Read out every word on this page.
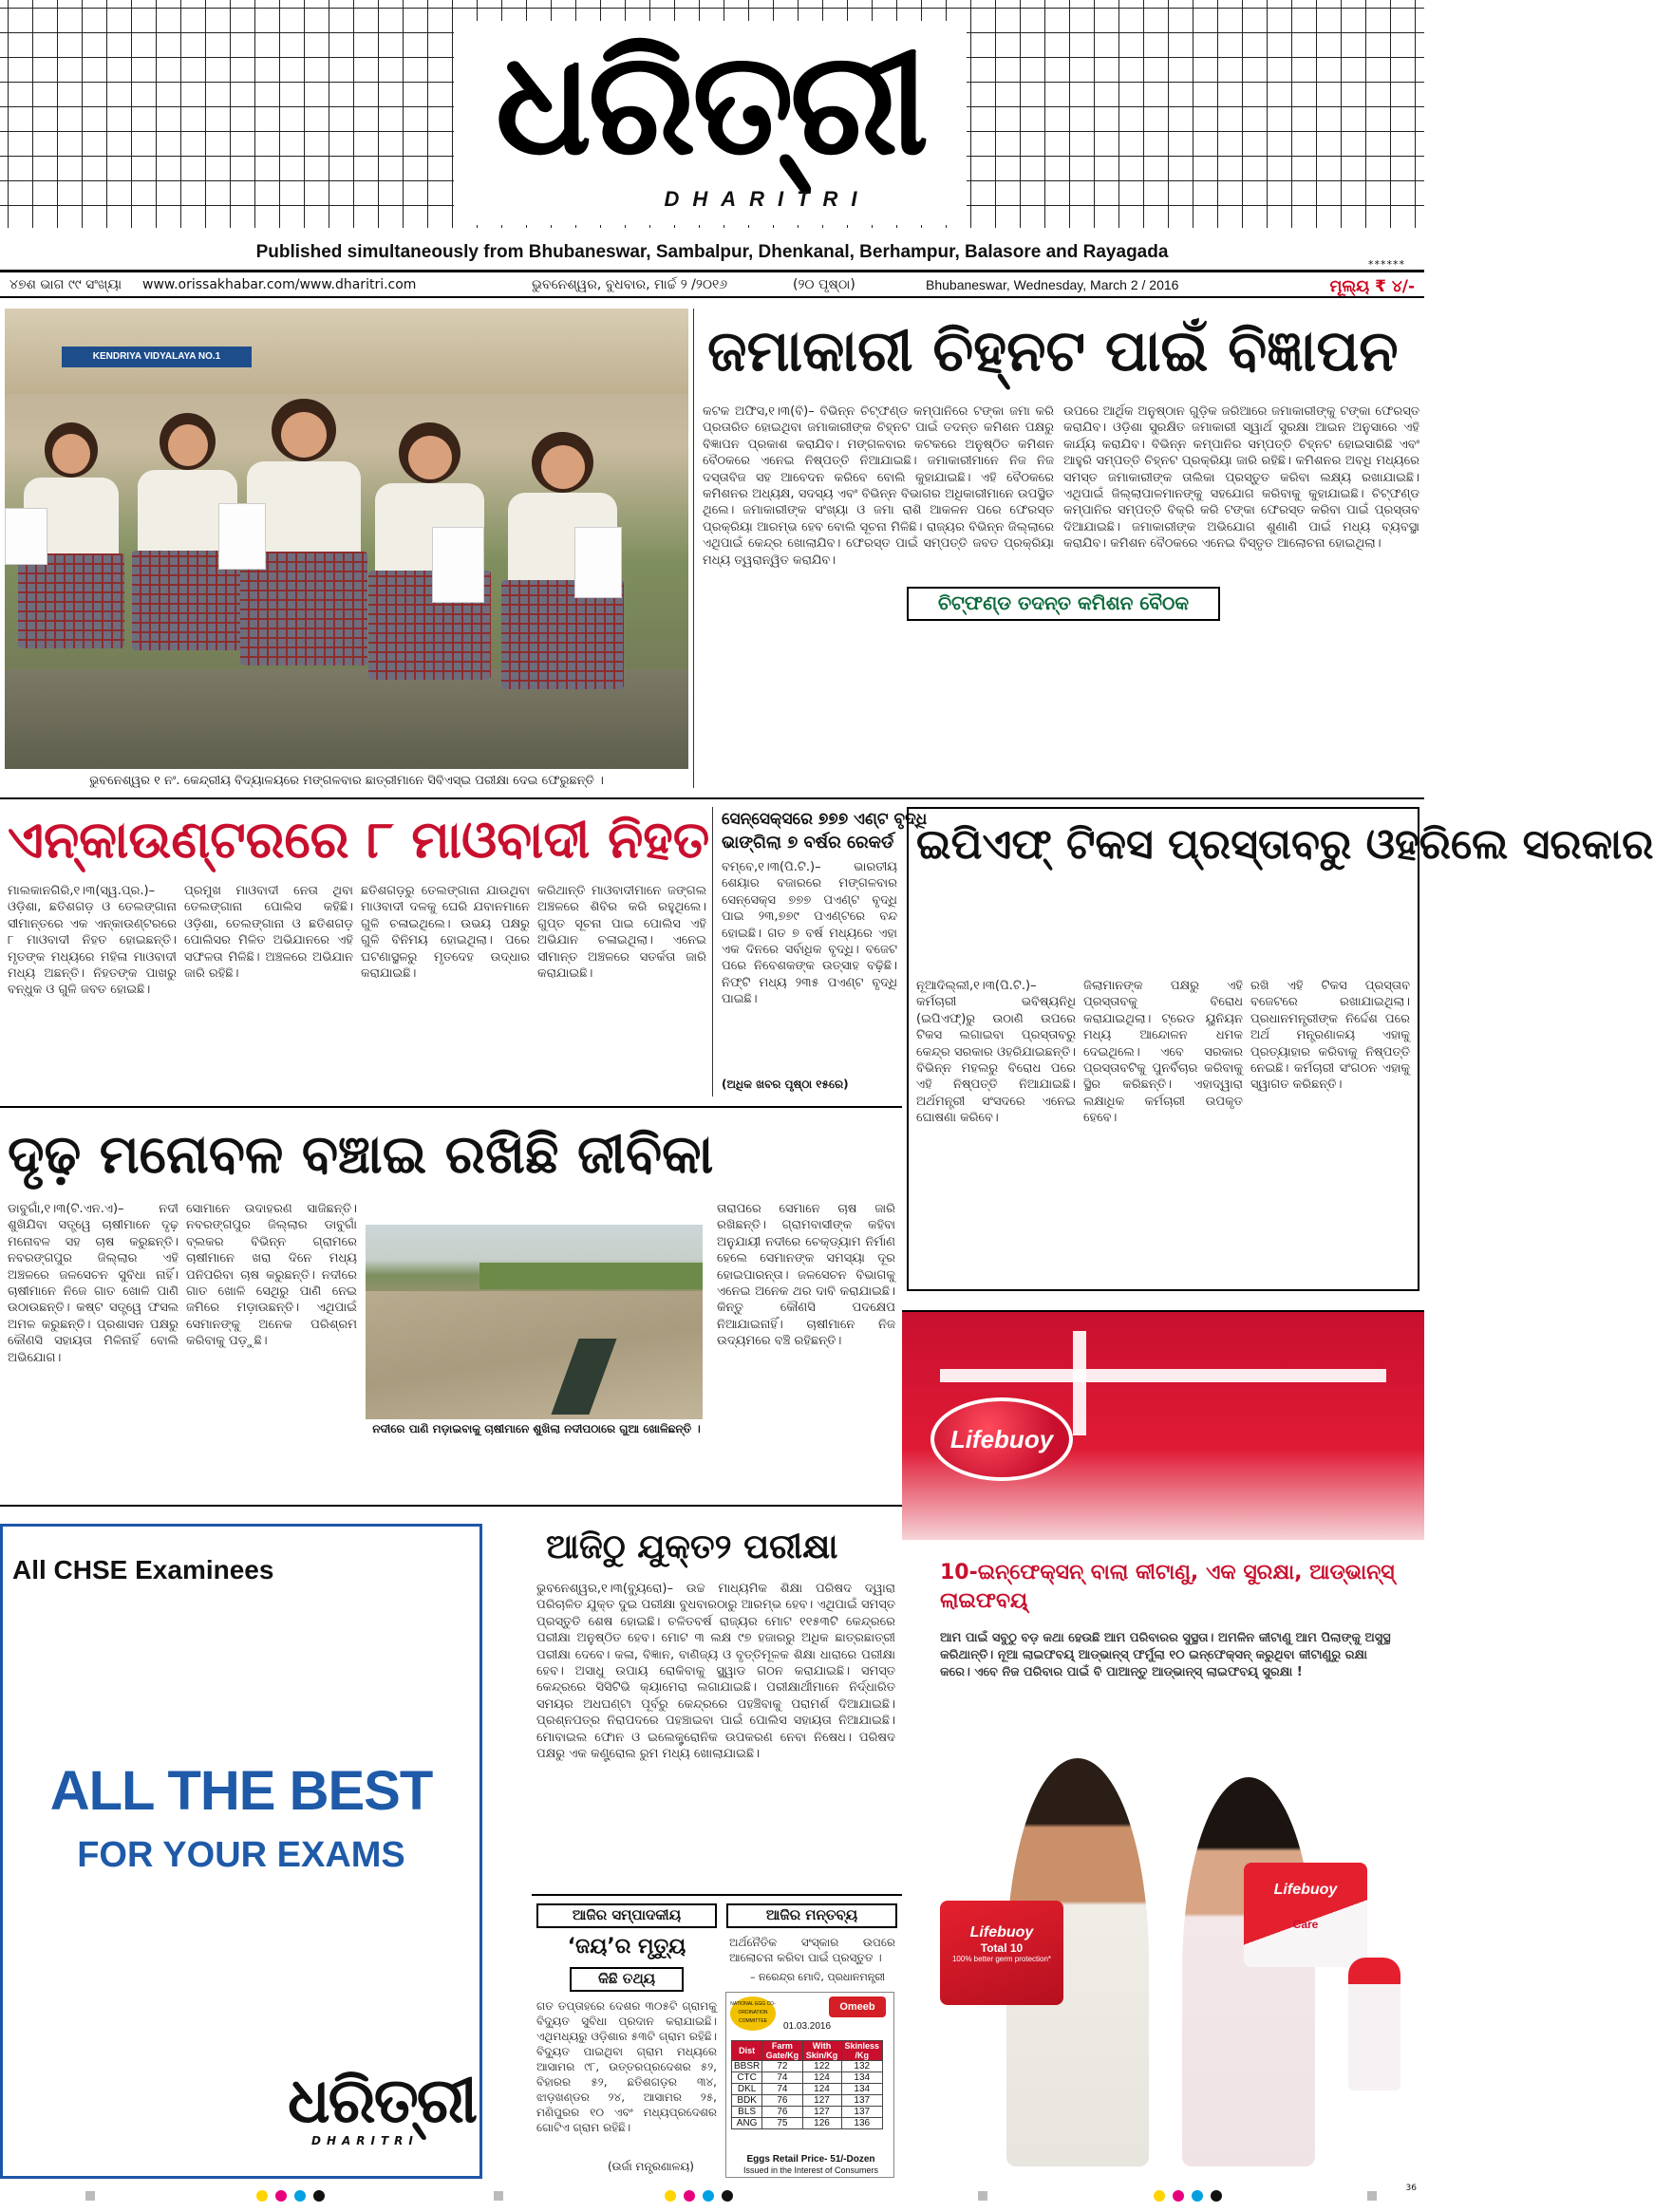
ଧରିତ୍ରୀ
DHARITRI
Published simultaneously from Bhubaneswar, Sambalpur, Dhenkanal, Berhampur, Balasore and Rayagada
******
୪୭ଶ ଭାଗ ୯୯ ସଂଖ୍ୟା www.orissakhabar.com/www.dharitri.com	ଭୁବନେଶ୍ୱର, ବୁଧବାର, ମାର୍ଚ୍ଚ ୨ /୨୦୧୬	(୨୦ ପୃଷ୍ଠା)	Bhubaneswar, Wednesday, March 2 / 2016	ମୂଲ୍ୟ ₹ ୪/-
KENDRIYA VIDYALAYA NO.1
ଭୁବନେଶ୍ୱର ୧ ନଂ. କେନ୍ଦ୍ରୀୟ ବିଦ୍ୟାଳୟରେ ମଙ୍ଗଳବାର ଛାତ୍ରୀମାନେ ସିବିଏସ୍‌ଇ ପରୀକ୍ଷା ଦେଇ ଫେରୁଛନ୍ତି ।
ଜମାକାରୀ ଚିହ୍ନଟ ପାଇଁ ବିଜ୍ଞାପନ
କଟକ ଅଫିସ,୧।୩(ବି)– ବିଭିନ୍ନ ଚିଟ୍‌ଫଣ୍ଡ କମ୍ପାନିରେ ଟଙ୍କା ଜମା କରି ପ୍ରତାରିତ ହୋଇଥିବା ଜମାକାରୀଙ୍କ ଚିହ୍ନଟ ପାଇଁ ତଦନ୍ତ କମିଶନ ପକ୍ଷରୁ ବିଜ୍ଞାପନ ପ୍ରକାଶ କରାଯିବ। ମଙ୍ଗଳବାର କଟକରେ ଅନୁଷ୍ଠିତ କମିଶନ ବୈଠକରେ ଏନେଇ ନିଷ୍ପତ୍ତି ନିଆଯାଇଛି। ଜମାକାରୀମାନେ ନିଜ ନିଜ ଦସ୍ତାବିଜ ସହ ଆବେଦନ କରିବେ ବୋଲି କୁହାଯାଇଛି। ଏହି ବୈଠକରେ କମିଶନର ଅଧ୍ୟକ୍ଷ, ସଦସ୍ୟ ଏବଂ ବିଭିନ୍ନ ବିଭାଗର ଅଧିକାରୀମାନେ ଉପସ୍ଥିତ ଥିଲେ। ଜମାକାରୀଙ୍କ ସଂଖ୍ୟା ଓ ଜମା ରାଶି ଆକଳନ ପରେ ଫେରସ୍ତ ପ୍ରକ୍ରିୟା ଆରମ୍ଭ ହେବ ବୋଲି ସୂଚନା ମିଳିଛି। ରାଜ୍ୟର ବିଭିନ୍ନ ଜିଲ୍ଲାରେ ଏଥିପାଇଁ କେନ୍ଦ୍ର ଖୋଲାଯିବ। ଫେରସ୍ତ ପାଇଁ ସମ୍ପତ୍ତି ଜବତ ପ୍ରକ୍ରିୟା ମଧ୍ୟ ତ୍ୱରାନ୍ୱିତ କରାଯିବ।
ଉପରେ ଆର୍ଥିକ ଅନୁଷ୍ଠାନ ଗୁଡ଼ିକ ଜରିଆରେ ଜମାକାରୀଙ୍କୁ ଟଙ୍କା ଫେରସ୍ତ କରାଯିବ। ଓଡ଼ିଶା ସୁରକ୍ଷିତ ଜମାକାରୀ ସ୍ୱାର୍ଥ ସୁରକ୍ଷା ଆଇନ ଅନୁସାରେ ଏହି କାର୍ଯ୍ୟ କରାଯିବ। ବିଭିନ୍ନ କମ୍ପାନିର ସମ୍ପତ୍ତି ଚିହ୍ନଟ ହୋଇସାରିଛି ଏବଂ ଆହୁରି ସମ୍ପତ୍ତି ଚିହ୍ନଟ ପ୍ରକ୍ରିୟା ଜାରି ରହିଛି। କମିଶନର ଅବଧି ମଧ୍ୟରେ ସମସ୍ତ ଜମାକାରୀଙ୍କ ତାଲିକା ପ୍ରସ୍ତୁତ କରିବା ଲକ୍ଷ୍ୟ ରଖାଯାଇଛି। ଏଥିପାଇଁ ଜିଲ୍ଲାପାଳମାନଙ୍କୁ ସହଯୋଗ କରିବାକୁ କୁହାଯାଇଛି। ଚିଟ୍‌ଫଣ୍ଡ କମ୍ପାନିର ସମ୍ପତ୍ତି ବିକ୍ରି କରି ଟଙ୍କା ଫେରସ୍ତ କରିବା ପାଇଁ ପ୍ରସ୍ତାବ ଦିଆଯାଇଛି। ଜମାକାରୀଙ୍କ ଅଭିଯୋଗ ଶୁଣାଣି ପାଇଁ ମଧ୍ୟ ବ୍ୟବସ୍ଥା କରାଯିବ। କମିଶନ ବୈଠକରେ ଏନେଇ ବିସ୍ତୃତ ଆଲୋଚନା ହୋଇଥିଲା।
ଚିଟ୍‌ଫଣ୍ଡ ତଦନ୍ତ କମିଶନ ବୈଠକ
ଏନ୍‌କାଉଣ୍ଟରରେ ୮ ମାଓବାଦୀ ନିହତ
ମାଲକାନଗିରି,୧।୩(ସ୍ୱ.ପ୍ର.)– ଓଡ଼ିଶା, ଛତିଶଗଡ଼ ଓ ତେଲଙ୍ଗାନା ସୀମାନ୍ତରେ ଏକ ଏନ୍‌କାଉଣ୍ଟରରେ ୮ ମାଓବାଦୀ ନିହତ ହୋଇଛନ୍ତି। ମୃତଙ୍କ ମଧ୍ୟରେ ମହିଳା ମାଓବାଦୀ ମଧ୍ୟ ଅଛନ୍ତି। ନିହତଙ୍କ ପାଖରୁ ବନ୍ଧୁକ ଓ ଗୁଳି ଜବତ ହୋଇଛି।
ପ୍ରମୁଖ ମାଓବାଦୀ ନେତା ଥିବା ତେଲଙ୍ଗାନା ପୋଲିସ କହିଛି। ଓଡ଼ିଶା, ତେଲଙ୍ଗାନା ଓ ଛତିଶଗଡ଼ ପୋଲିସର ମିଳିତ ଅଭିଯାନରେ ଏହି ସଫଳତା ମିଳିଛି। ଅଞ୍ଚଳରେ ଅଭିଯାନ ଜାରି ରହିଛି।
ଛତିଶଗଡ଼ରୁ ତେଲଙ୍ଗାନା ଯାଉଥିବା ମାଓବାଦୀ ଦଳକୁ ଘେରି ଯବାନମାନେ ଗୁଳି ଚଳାଇଥିଲେ। ଉଭୟ ପକ୍ଷରୁ ଗୁଳି ବିନିମୟ ହୋଇଥିଲା। ପରେ ଘଟଣାସ୍ଥଳରୁ ମୃତଦେହ ଉଦ୍ଧାର କରାଯାଇଛି।
କରିଥାନ୍ତି ମାଓବାଦୀମାନେ ଜଙ୍ଗଲ ଅଞ୍ଚଳରେ ଶିବିର କରି ରହୁଥିଲେ। ଗୁପ୍ତ ସୂଚନା ପାଇ ପୋଲିସ ଏହି ଅଭିଯାନ ଚଳାଇଥିଲା। ଏନେଇ ସୀମାନ୍ତ ଅଞ୍ଚଳରେ ସତର୍କତା ଜାରି କରାଯାଇଛି।
ସେନ୍‌ସେକ୍ସରେ ୭୭୭ ଏଣ୍ଟ ବୃଦ୍ଧି
ଭାଙ୍ଗିଲା ୭ ବର୍ଷର ରେକର୍ଡ
ବମ୍ବେ,୧।୩(ପି.ଟି.)– ଭାରତୀୟ ଶେୟାର ବଜାରରେ ମଙ୍ଗଳବାର ସେନ୍‌ସେକ୍ସ ୭୭୭ ପଏଣ୍ଟ ବୃଦ୍ଧି ପାଇ ୨୩,୭୭୯ ପଏଣ୍ଟରେ ବନ୍ଦ ହୋଇଛି। ଗତ ୭ ବର୍ଷ ମଧ୍ୟରେ ଏହା ଏକ ଦିନରେ ସର୍ବାଧିକ ବୃଦ୍ଧି। ବଜେଟ ପରେ ନିବେଶକଙ୍କ ଉତ୍ସାହ ବଢ଼ିଛି। ନିଫ୍‌ଟି ମଧ୍ୟ ୨୩୫ ପଏଣ୍ଟ ବୃଦ୍ଧି ପାଇଛି।
(ଅଧିକ ଖବର ପୃଷ୍ଠା ୧୫ରେ)
ଇପିଏଫ୍ ଟିକସ ପ୍ରସ୍ତାବରୁ ଓହରିଲେ ସରକାର
ନୂଆଦିଲ୍ଲୀ,୧।୩(ପି.ଟି.)– କର୍ମଚାରୀ ଭବିଷ୍ୟନିଧି (ଇପିଏଫ୍)ରୁ ଉଠାଣି ଉପରେ ଟିକସ ଲଗାଇବା ପ୍ରସ୍ତାବରୁ କେନ୍ଦ୍ର ସରକାର ଓହରିଯାଇଛନ୍ତି। ବିଭିନ୍ନ ମହଲରୁ ବିରୋଧ ପରେ ଏହି ନିଷ୍ପତ୍ତି ନିଆଯାଇଛି। ଅର୍ଥମନ୍ତ୍ରୀ ସଂସଦରେ ଏନେଇ ଘୋଷଣା କରିବେ।
ଜିଲାମାନଙ୍କ ପକ୍ଷରୁ ଏହି ପ୍ରସ୍ତାବକୁ ବିରୋଧ କରାଯାଇଥିଲା। ଟ୍ରେଡ ୟୁନିୟନ ମଧ୍ୟ ଆନ୍ଦୋଳନ ଧମକ ଦେଇଥିଲେ। ଏବେ ସରକାର ପ୍ରସ୍ତାବଟିକୁ ପୁନର୍ବିଚାର କରିବାକୁ ସ୍ଥିର କରିଛନ୍ତି। ଏହାଦ୍ୱାରା ଲକ୍ଷାଧିକ କର୍ମଚାରୀ ଉପକୃତ ହେବେ।
ରଖି ଏହି ଟିକସ ପ୍ରସ୍ତାବ ବଜେଟରେ ରଖାଯାଇଥିଲା। ପ୍ରଧାନମନ୍ତ୍ରୀଙ୍କ ନିର୍ଦ୍ଦେଶ ପରେ ଅର୍ଥ ମନ୍ତ୍ରଣାଳୟ ଏହାକୁ ପ୍ରତ୍ୟାହାର କରିବାକୁ ନିଷ୍ପତ୍ତି ନେଇଛି। କର୍ମଚାରୀ ସଂଗଠନ ଏହାକୁ ସ୍ୱାଗତ କରିଛନ୍ତି।
ଦୃଢ଼ ମନୋବଳ ବଞ୍ଚାଇ ରଖିଛି ଜୀବିକା
ଡାବୁଗାଁ,୧।୩(ଟି.ଏନ.ଏ)– ନଦୀ ଶୁଖିଯିବା ସତ୍ତ୍ୱେ ଚାଷୀମାନେ ଦୃଢ଼ ମନୋବଳ ସହ ଚାଷ କରୁଛନ୍ତି। ନବରଙ୍ଗପୁର ଜିଲ୍ଲାର ଏହି ଅଞ୍ଚଳରେ ଜଳସେଚନ ସୁବିଧା ନାହିଁ। ଚାଷୀମାନେ ନିଜେ ଗାତ ଖୋଳି ପାଣି ଉଠାଉଛନ୍ତି। କଷ୍ଟ ସତ୍ତ୍ୱେ ଫସଲ ଅମଳ କରୁଛନ୍ତି। ପ୍ରଶାସନ ପକ୍ଷରୁ କୌଣସି ସହାୟତା ମିଳିନାହିଁ ବୋଲି ଅଭିଯୋଗ।
ସୋମାନେ ଉଦାହରଣ ସାଜିଛନ୍ତି। ନବରଙ୍ଗପୁର ଜିଲ୍ଲାର ଡାବୁଗାଁ ବ୍ଲକର ବିଭିନ୍ନ ଗ୍ରାମରେ ଚାଷୀମାନେ ଖରା ଦିନେ ମଧ୍ୟ ପନିପରିବା ଚାଷ କରୁଛନ୍ତି। ନଦୀରେ ଗାତ ଖୋଳି ସେଥିରୁ ପାଣି ନେଇ ଜମିରେ ମଡ଼ାଉଛନ୍ତି। ଏଥିପାଇଁ ସେମାନଙ୍କୁ ଅନେକ ପରିଶ୍ରମ କରିବାକୁ ପଡ଼ୁଛି।
ନଦୀରେ ପାଣି ମଡ଼ାଇବାକୁ ଚାଷୀମାନେ ଶୁଖିଲା ନଦୀପଠାରେ ଗୁଆ ଖୋଳିଛନ୍ତି ।
ତାରାପରେ ସେମାନେ ଚାଷ ଜାରି ରଖିଛନ୍ତି। ଗ୍ରାମବାସୀଙ୍କ କହିବା ଅନୁଯାୟୀ ନଦୀରେ ଚେକ୍‌ଡ୍ୟାମ ନିର୍ମାଣ ହେଲେ ସେମାନଙ୍କ ସମସ୍ୟା ଦୂର ହୋଇପାରନ୍ତା। ଜଳସେଚନ ବିଭାଗକୁ ଏନେଇ ଅନେକ ଥର ଦାବି କରାଯାଇଛି। କିନ୍ତୁ କୌଣସି ପଦକ୍ଷେପ ନିଆଯାଇନାହିଁ। ଚାଷୀମାନେ ନିଜ ଉଦ୍ୟମରେ ବଞ୍ଚି ରହିଛନ୍ତି।
All CHSE Examinees
ALL THE BEST
FOR YOUR EXAMS
ଧରିତ୍ରୀ
DHARITRI
ଆଜିଠୁ ଯୁକ୍ତ୨ ପରୀକ୍ଷା
ଭୁବନେଶ୍ୱର,୧।୩(ବ୍ୟୁରୋ)– ଉଚ୍ଚ ମାଧ୍ୟମିକ ଶିକ୍ଷା ପରିଷଦ ଦ୍ୱାରା ପରିଚାଳିତ ଯୁକ୍ତ ଦୁଇ ପରୀକ୍ଷା ବୁଧବାରଠାରୁ ଆରମ୍ଭ ହେବ। ଏଥିପାଇଁ ସମସ୍ତ ପ୍ରସ୍ତୁତି ଶେଷ ହୋଇଛି। ଚଳିତବର୍ଷ ରାଜ୍ୟର ମୋଟ ୧୧୫୩ଟି କେନ୍ଦ୍ରରେ ପରୀକ୍ଷା ଅନୁଷ୍ଠିତ ହେବ। ମୋଟ ୩ ଲକ୍ଷ ୯୭ ହଜାରରୁ ଅଧିକ ଛାତ୍ରଛାତ୍ରୀ ପରୀକ୍ଷା ଦେବେ। କଳା, ବିଜ୍ଞାନ, ବାଣିଜ୍ୟ ଓ ବୃତ୍ତିମୂଳକ ଶିକ୍ଷା ଧାରାରେ ପରୀକ୍ଷା ହେବ। ଅସାଧୁ ଉପାୟ ରୋକିବାକୁ ସ୍କ୍ୱାଡ ଗଠନ କରାଯାଇଛି। ସମସ୍ତ କେନ୍ଦ୍ରରେ ସିସିଟିଭି କ୍ୟାମେରା ଲଗାଯାଇଛି। ପରୀକ୍ଷାର୍ଥୀମାନେ ନିର୍ଦ୍ଧାରିତ ସମୟର ଅଧଘଣ୍ଟା ପୂର୍ବରୁ କେନ୍ଦ୍ରରେ ପହଞ୍ଚିବାକୁ ପରାମର୍ଶ ଦିଆଯାଇଛି। ପ୍ରଶ୍ନପତ୍ର ନିରାପଦରେ ପହଞ୍ଚାଇବା ପାଇଁ ପୋଲିସ ସହାୟତା ନିଆଯାଇଛି। ମୋବାଇଲ ଫୋନ ଓ ଇଲେକ୍ଟ୍ରୋନିକ ଉପକରଣ ନେବା ନିଷେଧ। ପରିଷଦ ପକ୍ଷରୁ ଏକ କଣ୍ଟ୍ରୋଲ ରୁମ ମଧ୍ୟ ଖୋଲାଯାଇଛି।
ଆଜିର ସମ୍ପାଦକୀୟ
‘ଜୟ’ର ମୃତ୍ୟୁ
କିଛି ତଥ୍ୟ
ଗତ ତପ୍ତାହରେ ଦେଶର ୩୦୫ଟି ଗ୍ରାମକୁ ବିଦ୍ୟୁତ ସୁବିଧା ପ୍ରଦାନ କରାଯାଇଛି। ଏଥିମଧ୍ୟରୁ ଓଡ଼ିଶାର ୫୩ଟି ଗ୍ରାମ ରହିଛି। ବିଦ୍ୟୁତ ପାଇଥିବା ଗ୍ରାମ ମଧ୍ୟରେ ଆସାମର ୯୮, ଉତ୍ତରପ୍ରଦେଶର ୫୨, ବିହାରର ୫୨, ଛତିଶଗଡ଼ର ୩୪, ଝାଡ଼ଖଣ୍ଡର ୨୪, ଆସାମର ୨୫, ମଣିପୁରର ୧୦ ଏବଂ ମଧ୍ୟପ୍ରଦେଶର ଗୋଟିଏ ଗ୍ରାମ ରହିଛି।
(ଉର୍ଜା ମନ୍ତ୍ରଣାଳୟ)
ଆଜିର ମନ୍ତବ୍ୟ
ଅର୍ଥନୈତିକ ସଂସ୍କାର ଉପରେ ଆଲୋଚନା କରିବା ପାଇଁ ପ୍ରସ୍ତୁତ ।
– ନରେନ୍ଦ୍ର ମୋଦି, ପ୍ରଧାନମନ୍ତ୍ରୀ
NATIONAL EGG CO-ORDINATION COMMITTEE
Omeeb
01.03.2016
Dist	Farm Gate/Kg	With Skin/Kg	Skinless /Kg
BBSR	72	122	132
CTC	74	124	134
DKL	74	124	134
BDK	76	127	137
BLS	76	127	137
ANG	75	126	136
Eggs Retail Price- 51/-Dozen
Issued in the Interest of Consumers
Lifebuoy
10-ଇନ୍‌ଫେକ୍ସନ୍ ବାଲା କୀଟାଣୁ, ଏକ ସୁରକ୍ଷା, ଆଡ୍‌ଭାନ୍‌ସ୍ ଲାଇଫବୟ୍
ଆମ ପାଇଁ ସବୁଠୁ ବଡ଼ କଥା ହେଉଛି ଆମ ପରିବାରର ସୁସ୍ଥତା। ଅମଳିନ କୀଟାଣୁ ଆମ ପିଲାଙ୍କୁ ଅସୁସ୍ଥ କରିଥାନ୍ତି। ନୂଆ ଲାଇଫବୟ୍ ଆଡ୍‌ଭାନ୍‌ସ୍ ଫର୍ମୁଲା ୧୦ ଇନ୍‌ଫେକ୍ସନ୍ କରୁଥିବା କୀଟାଣୁରୁ ରକ୍ଷା କରେ। ଏବେ ନିଜ ପରିବାର ପାଇଁ ବି ପାଆନ୍ତୁ ଆଡ୍‌ଭାନ୍‌ସ୍ ଲାଇଫବୟ୍ ସୁରକ୍ଷା !
Lifebuoy
Total 10
100% better germ protection*
Lifebuoy
Care
36
